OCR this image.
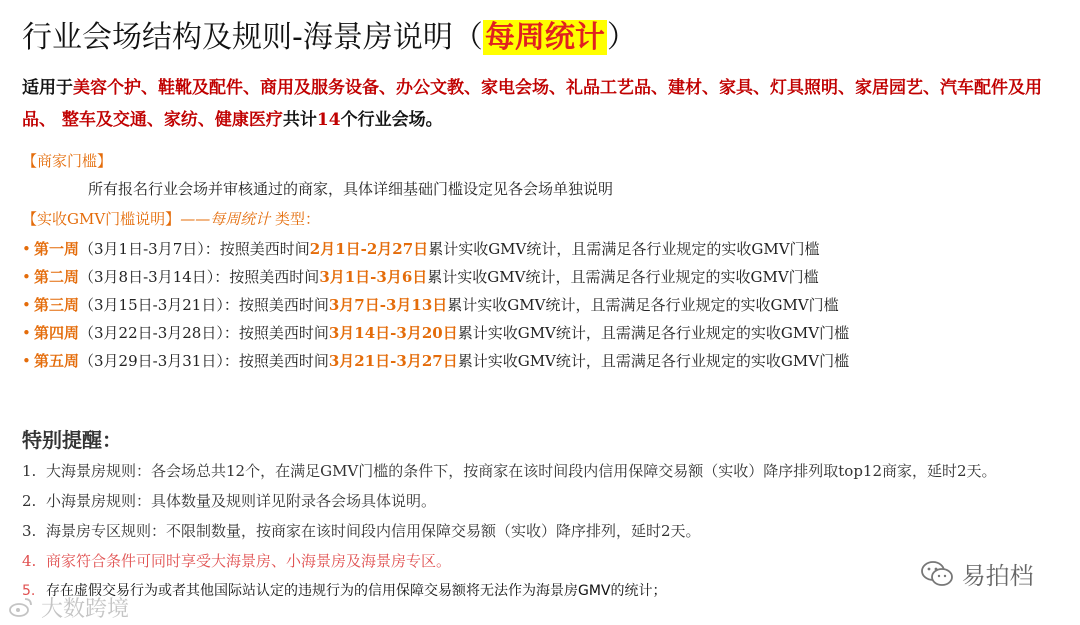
行业会场结构及规则-海景房说明（每周统计）
适用于美容个护、鞋靴及配件、商用及服务设备、办公文教、家电会场、礼品工艺品、建材、家具、灯具照明、家居园艺、汽车配件及用品、 整车及交通、家纺、健康医疗共计14个行业会场。
【商家门槛】
所有报名行业会场并审核通过的商家，具体详细基础门槛设定见各会场单独说明
【实收GMV门槛说明】——每周统计 类型：
• 第一周（3月1日-3月7日）：按照美西时间2月1日-2月27日累计实收GMV统计，且需满足各行业规定的实收GMV门槛
• 第二周（3月8日-3月14日）：按照美西时间3月1日-3月6日累计实收GMV统计，且需满足各行业规定的实收GMV门槛
• 第三周（3月15日-3月21日）：按照美西时间3月7日-3月13日累计实收GMV统计，且需满足各行业规定的实收GMV门槛
• 第四周（3月22日-3月28日）：按照美西时间3月14日-3月20日累计实收GMV统计，且需满足各行业规定的实收GMV门槛
• 第五周（3月29日-3月31日）：按照美西时间3月21日-3月27日累计实收GMV统计，且需满足各行业规定的实收GMV门槛
特别提醒：
1. 大海景房规则：各会场总共12个，在满足GMV门槛的条件下，按商家在该时间段内信用保障交易额（实收）降序排列取top12商家，延时2天。
2. 小海景房规则：具体数量及规则详见附录各会场具体说明。
3. 海景房专区规则：不限制数量，按商家在该时间段内信用保障交易额（实收）降序排列，延时2天。
4. 商家符合条件可同时享受大海景房、小海景房及海景房专区。
5. 存在虚假交易行为或者其他国际站认定的违规行为的信用保障交易额将无法作为海景房GMV的统计；
易拍档
大数跨境
